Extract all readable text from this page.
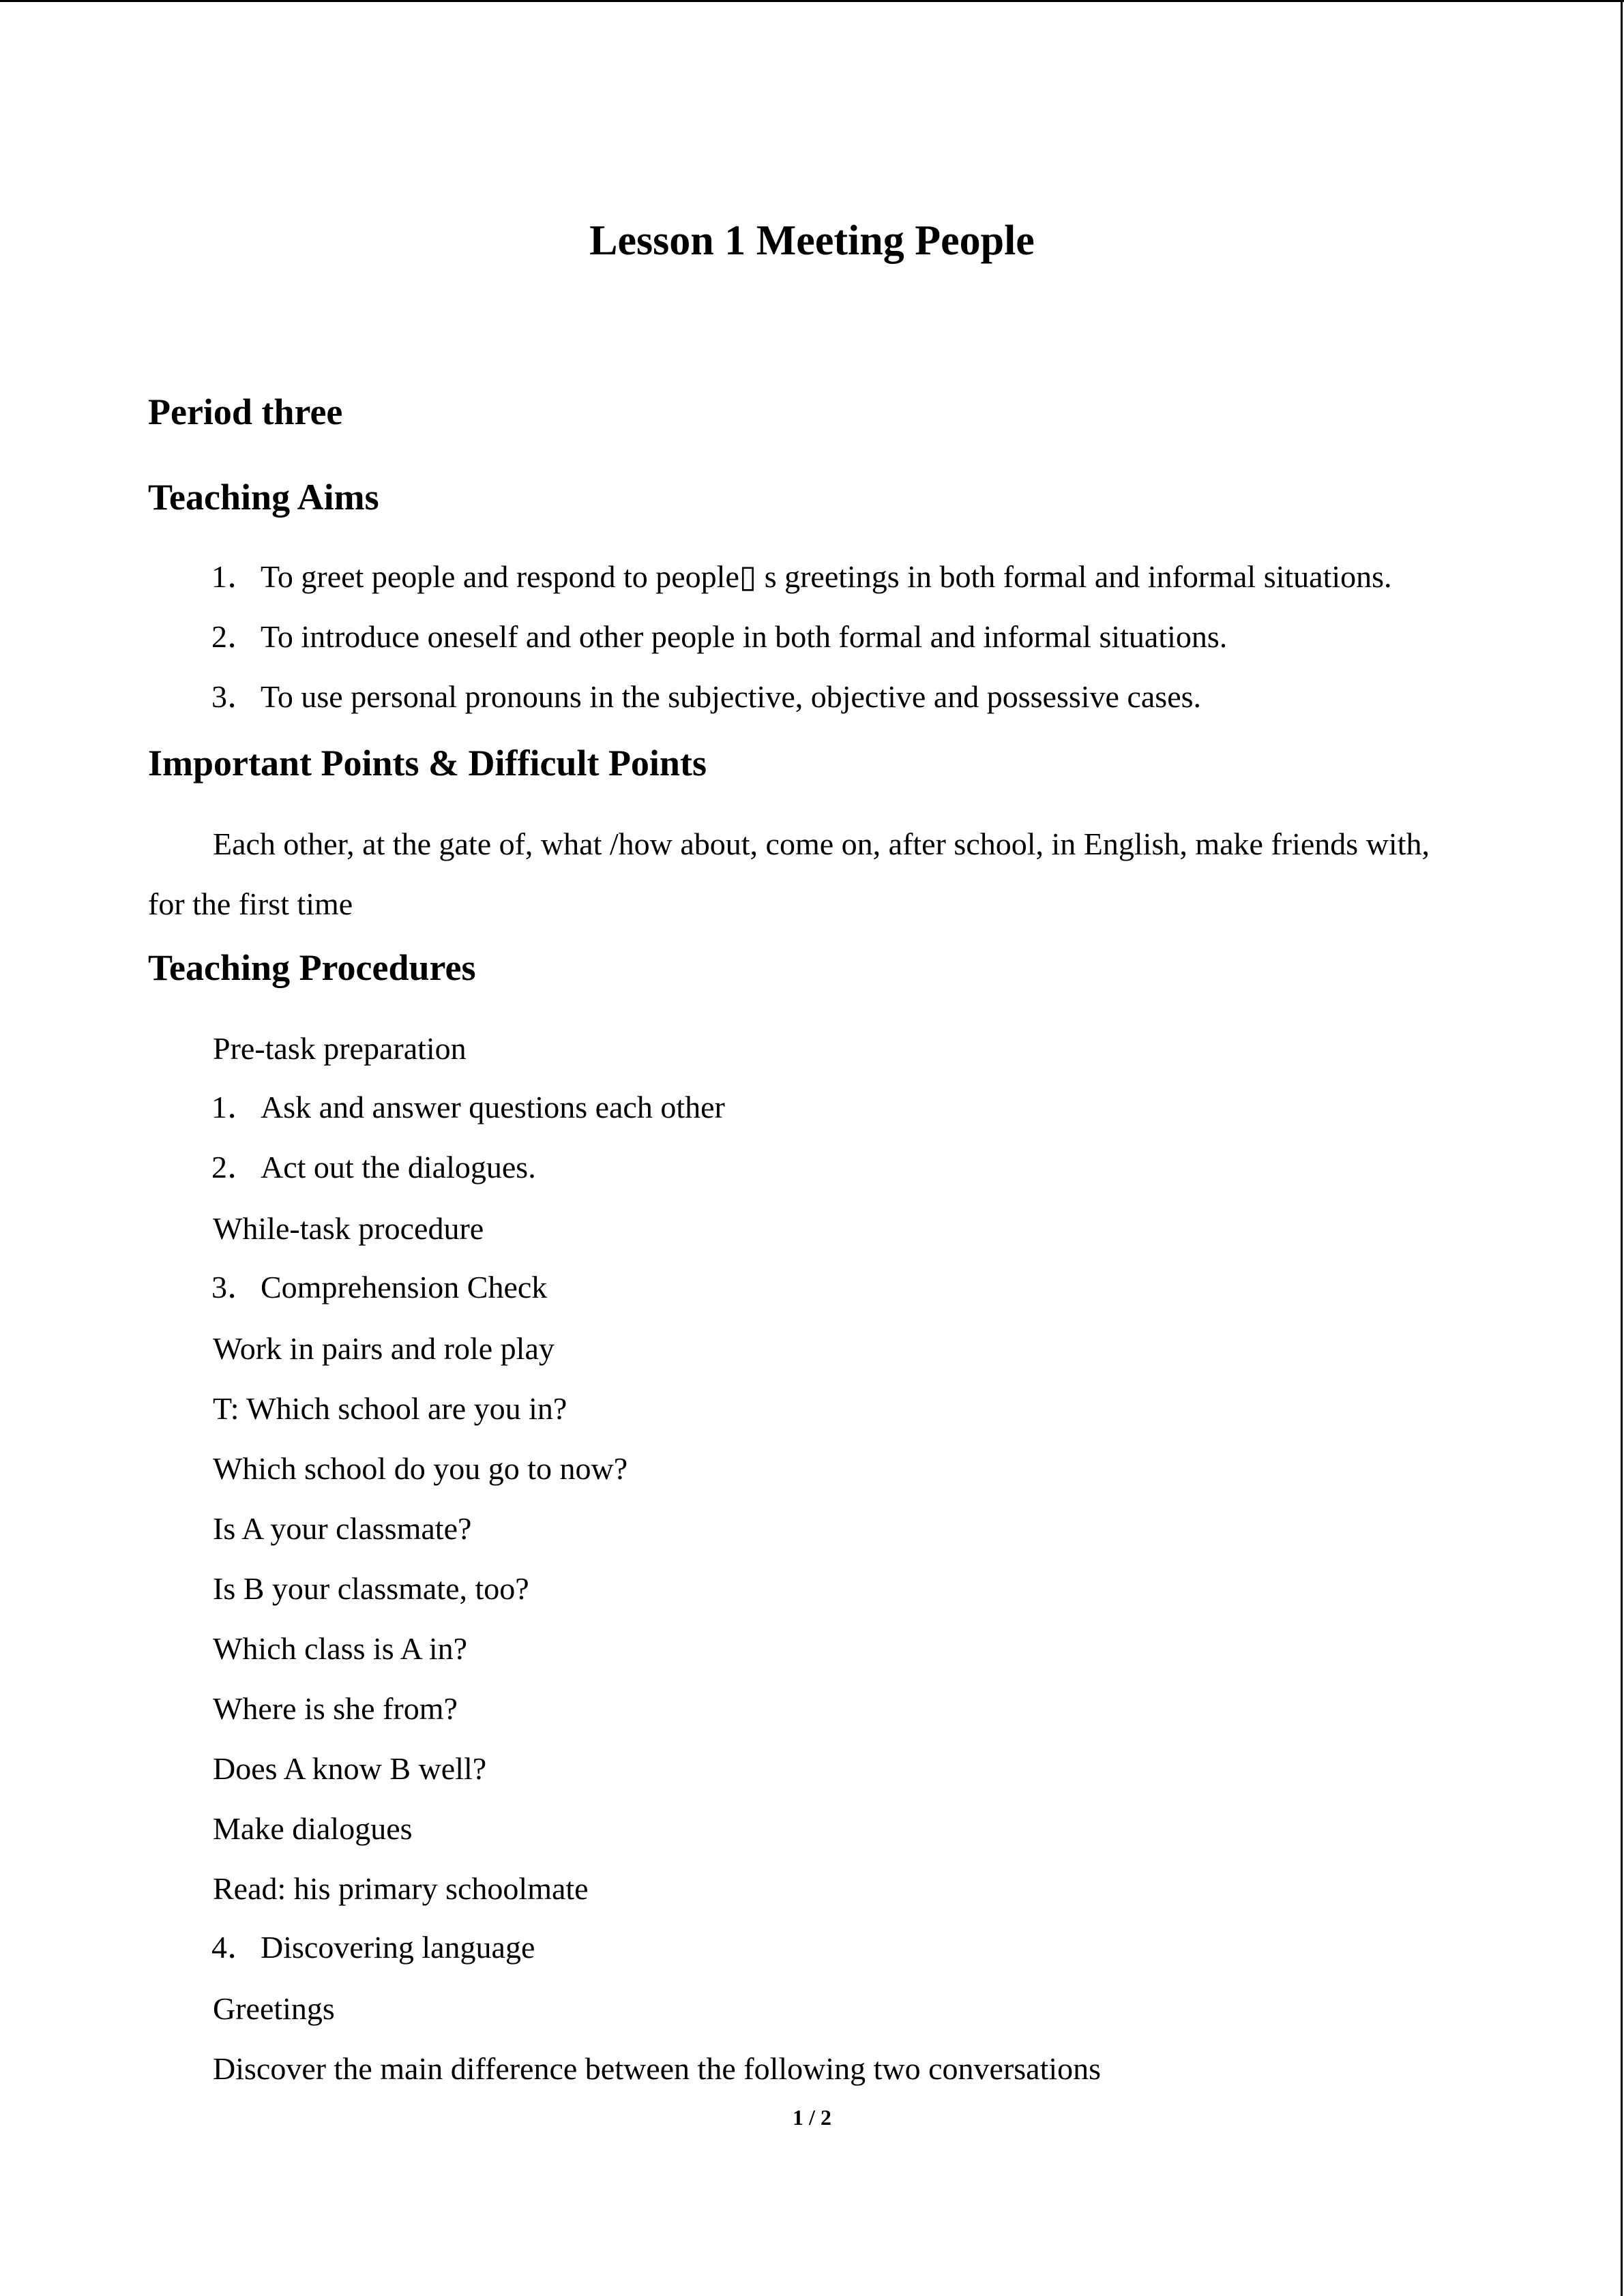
Lesson 1 Meeting People
Period three
Teaching Aims
1．To greet people and respond to people▯ s greetings in both formal and informal situations.
2．To introduce oneself and other people in both formal and informal situations.
3．To use personal pronouns in the subjective, objective and possessive cases.
Important Points & Difficult Points
Each other, at the gate of, what /how about, come on, after school, in English, make friends with,
for the first time
Teaching Procedures
Pre-task preparation
1．Ask and answer questions each other
2．Act out the dialogues.
While-task procedure
3．Comprehension Check
Work in pairs and role play
T: Which school are you in?
Which school do you go to now?
Is A your classmate?
Is B your classmate, too?
Which class is A in?
Where is she from?
Does A know B well?
Make dialogues
Read: his primary schoolmate
4．Discovering language
Greetings
Discover the main difference between the following two conversations
1 / 2
